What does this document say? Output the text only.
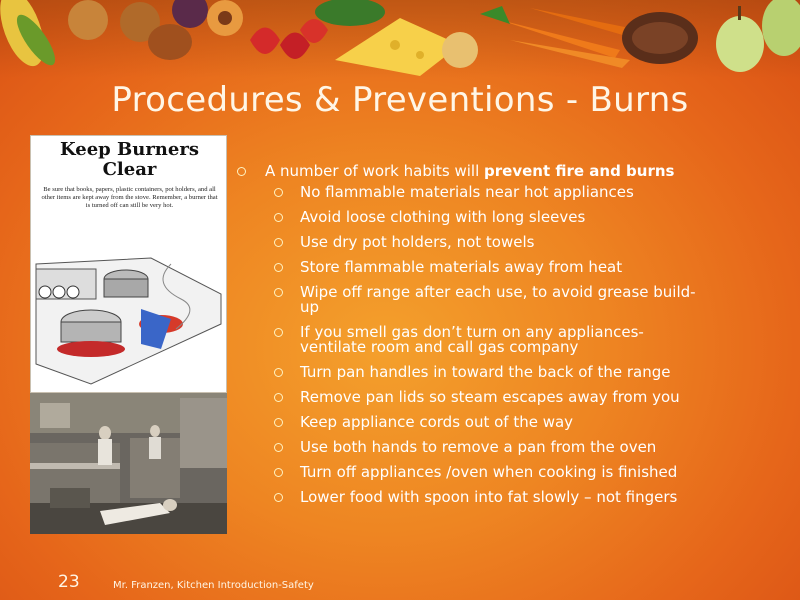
Procedures & Preventions - Burns
Keep Burners
Clear
Be sure that books, papers, plastic containers, pot holders, and all other items are kept away from the stove. Remember, a burner that is turned off can still be very hot.
A number of work habits will prevent fire and burns
No flammable materials near hot appliances
Avoid loose clothing with long sleeves
Use dry pot holders, not towels
Store flammable materials away from heat
Wipe off range after each use, to avoid grease build-up
If you smell gas don’t turn on any appliances-ventilate room and call gas company
Turn pan handles in toward the back of the range
Remove pan lids so steam escapes away from you
Keep appliance cords out of the way
Use both hands to remove a pan from the oven
Turn off appliances /oven when cooking is finished
Lower food with spoon into fat slowly – not fingers
23	Mr. Franzen, Kitchen Introduction-Safety
